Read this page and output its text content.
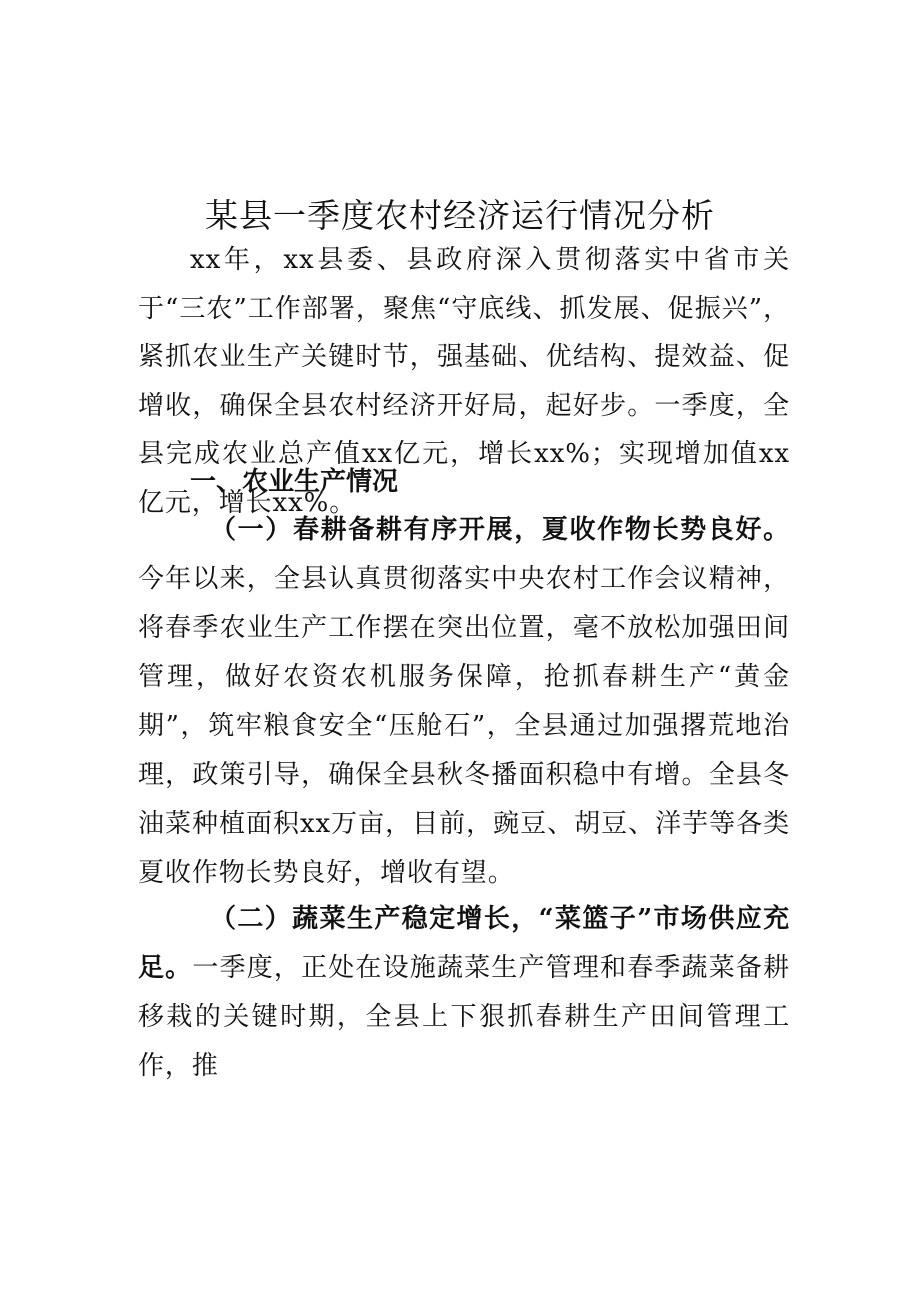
某县一季度农村经济运行情况分析

xx年，xx县委、县政府深入贯彻落实中省市关于“三农”工作部署，聚焦“守底线、抓发展、促振兴”，紧抓农业生产关键时节，强基础、优结构、提效益、促增收，确保全县农村经济开好局，起好步。一季度，全县完成农业总产值xx亿元，增长xx%；实现增加值xx亿元，增长xx%。

一、农业生产情况

（一）春耕备耕有序开展，夏收作物长势良好。今年以来，全县认真贯彻落实中央农村工作会议精神，将春季农业生产工作摆在突出位置，毫不放松加强田间管理，做好农资农机服务保障，抢抓春耕生产“黄金期”，筑牢粮食安全“压舱石”，全县通过加强撂荒地治理，政策引导，确保全县秋冬播面积稳中有增。全县冬油菜种植面积xx万亩，目前，豌豆、胡豆、洋芋等各类夏收作物长势良好，增收有望。

（二）蔬菜生产稳定增长，“菜篮子”市场供应充足。一季度，正处在设施蔬菜生产管理和春季蔬菜备耕移栽的关键时期，全县上下狠抓春耕生产田间管理工作，推
